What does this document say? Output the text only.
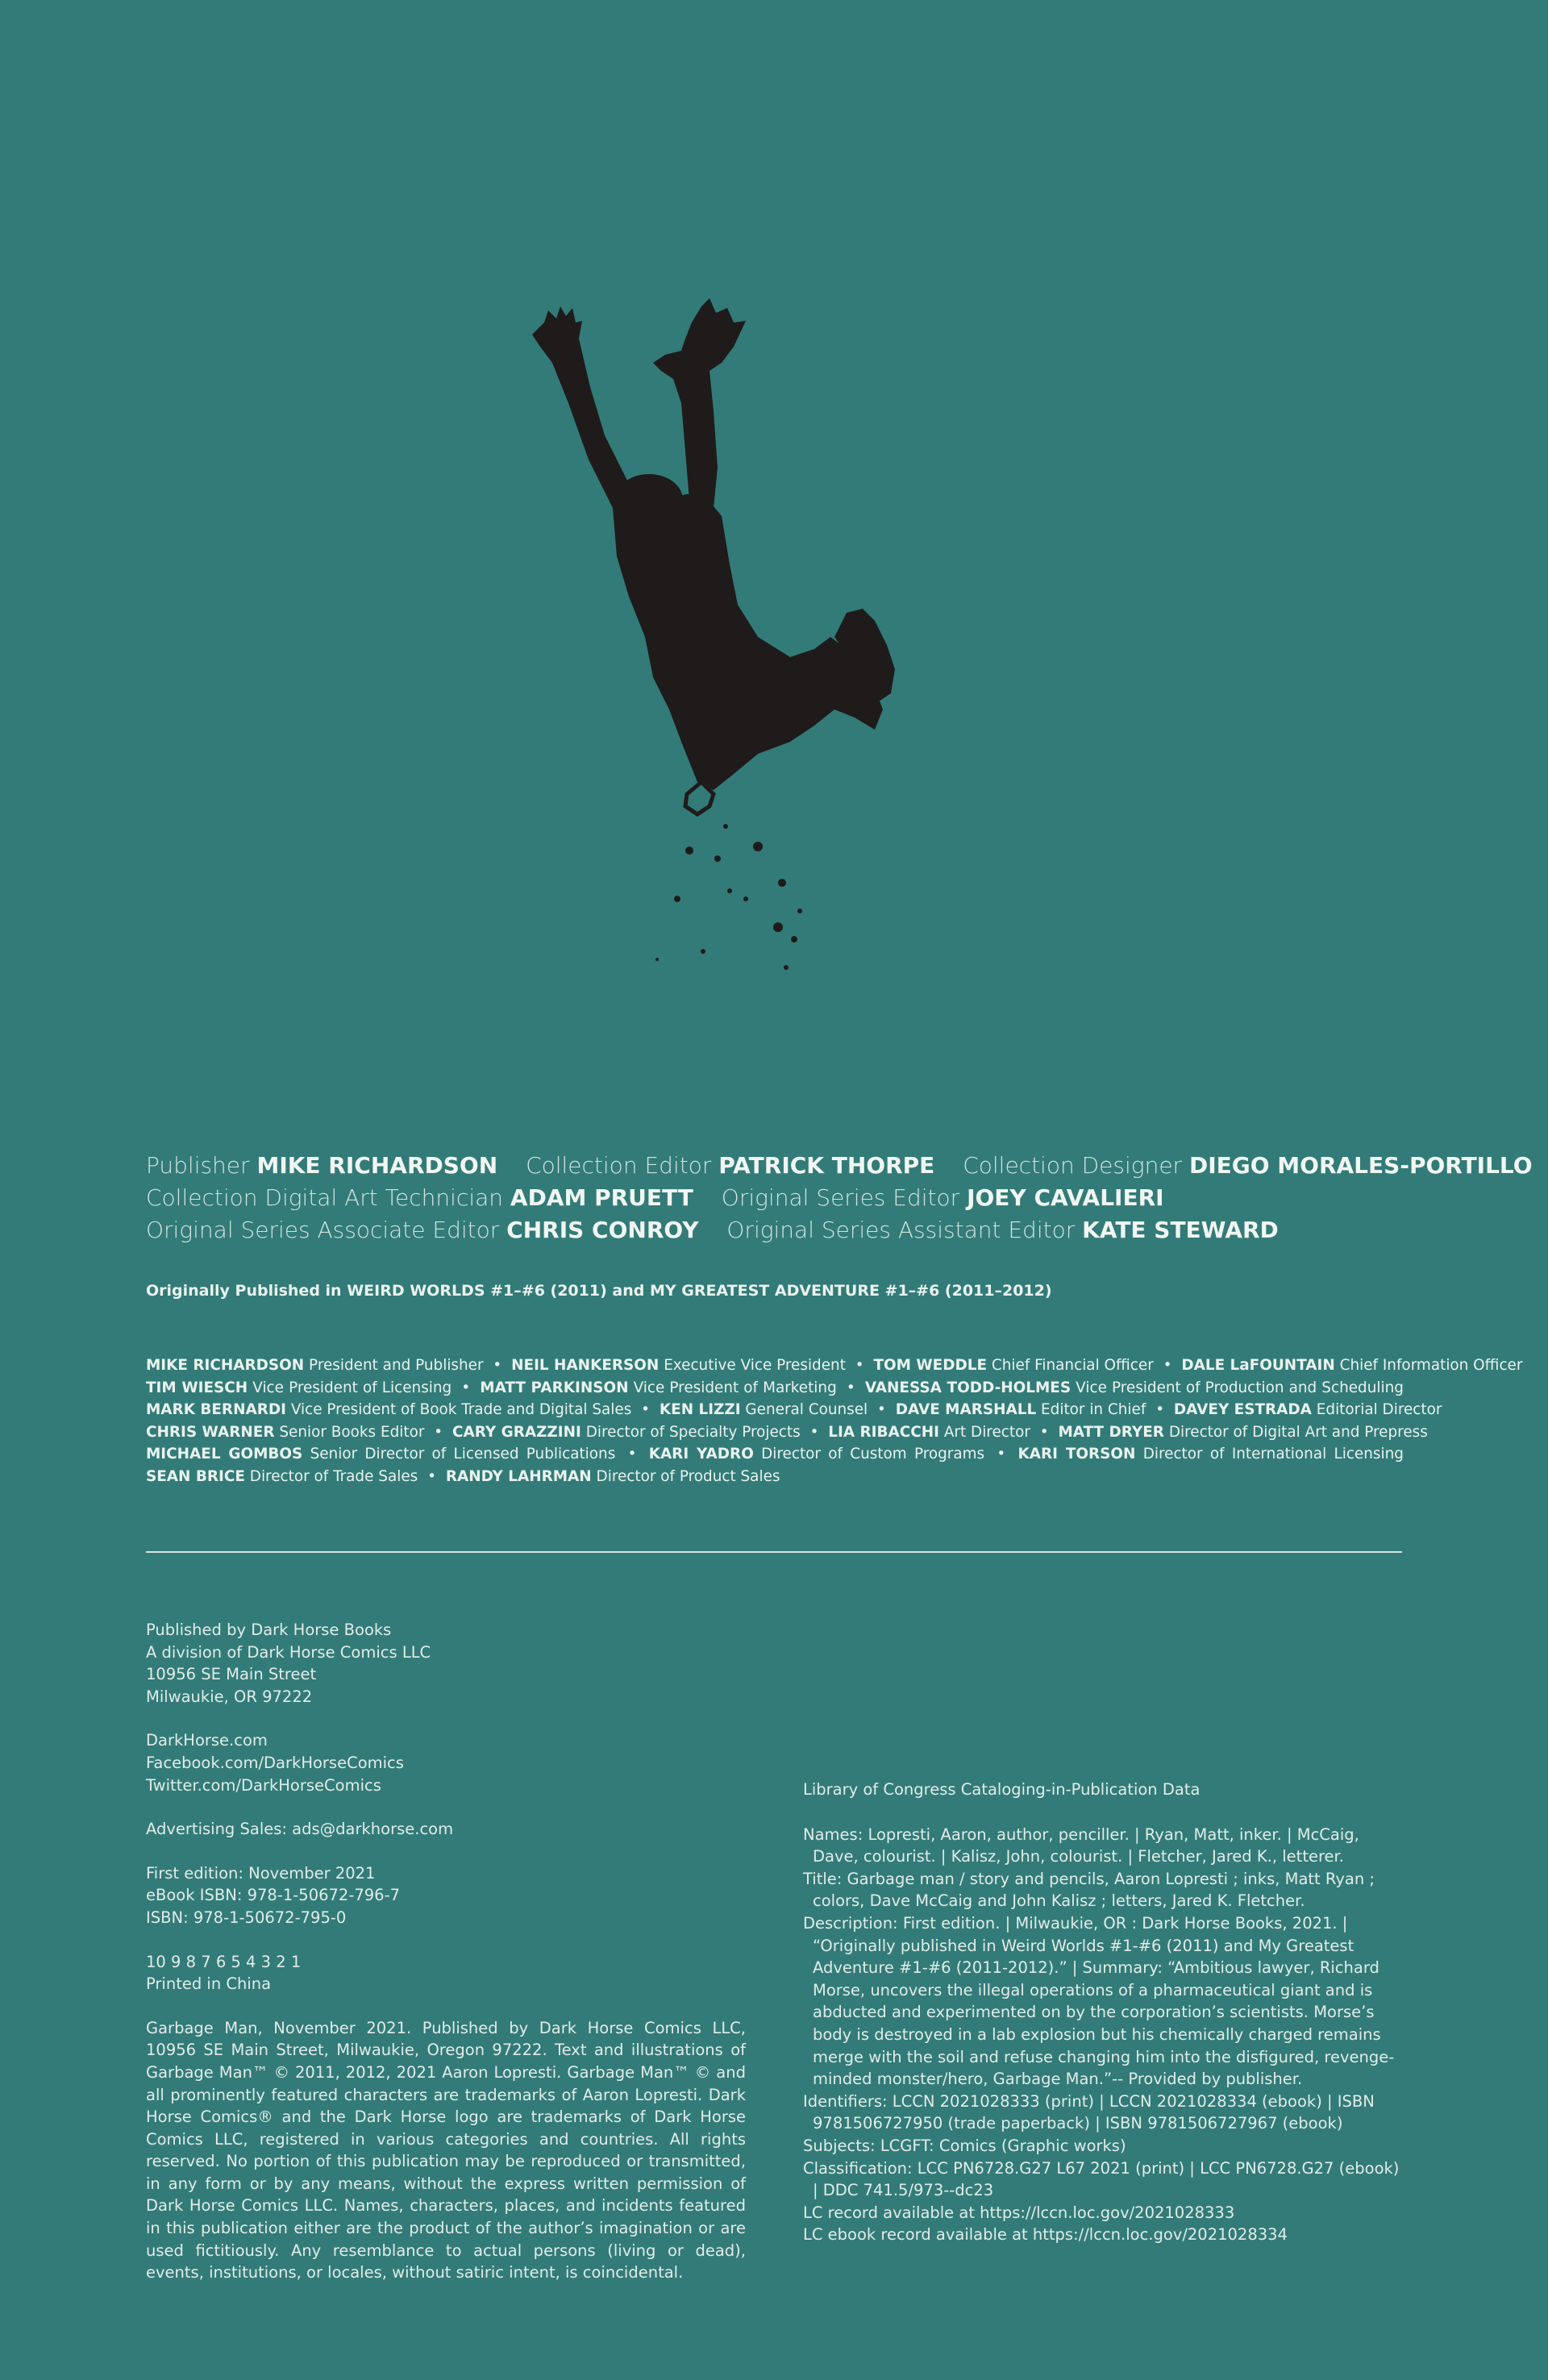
Publisher MIKE RICHARDSON Collection Editor PATRICK THORPE Collection Designer DIEGO MORALES-PORTILLO
Collection Digital Art Technician ADAM PRUETT Original Series Editor JOEY CAVALIERI
Original Series Associate Editor CHRIS CONROY Original Series Assistant Editor KATE STEWARD
Originally Published in WEIRD WORLDS #1–#6 (2011) and MY GREATEST ADVENTURE #1–#6 (2011–2012)
MIKE RICHARDSON President and Publisher • NEIL HANKERSON Executive Vice President • TOM WEDDLE Chief Financial Officer • DALE LaFOUNTAIN Chief Information Officer
TIM WIESCH Vice President of Licensing • MATT PARKINSON Vice President of Marketing • VANESSA TODD-HOLMES Vice President of Production and Scheduling
MARK BERNARDI Vice President of Book Trade and Digital Sales • KEN LIZZI General Counsel • DAVE MARSHALL Editor in Chief • DAVEY ESTRADA Editorial Director
CHRIS WARNER Senior Books Editor • CARY GRAZZINI Director of Specialty Projects • LIA RIBACCHI Art Director • MATT DRYER Director of Digital Art and Prepress
MICHAEL GOMBOS Senior Director of Licensed Publications • KARI YADRO Director of Custom Programs • KARI TORSON Director of International Licensing
SEAN BRICE Director of Trade Sales • RANDY LAHRMAN Director of Product Sales
Published by Dark Horse Books
A division of Dark Horse Comics LLC
10956 SE Main Street
Milwaukie, OR 97222
DarkHorse.com
Facebook.com/DarkHorseComics
Twitter.com/DarkHorseComics
Advertising Sales: ads@darkhorse.com
First edition: November 2021
eBook ISBN: 978-1-50672-796-7
ISBN: 978-1-50672-795-0
10 9 8 7 6 5 4 3 2 1
Printed in China
Garbage Man, November 2021. Published by Dark Horse Comics LLC, 10956 SE Main Street, Milwaukie, Oregon 97222. Text and illustrations of Garbage Man™ © 2011, 2012, 2021 Aaron Lopresti. Garbage Man™ © and all prominently featured characters are trademarks of Aaron Lopresti. Dark Horse Comics® and the Dark Horse logo are trademarks of Dark Horse Comics LLC, registered in various categories and countries. All rights reserved. No portion of this publication may be reproduced or transmitted, in any form or by any means, without the express written permission of Dark Horse Comics LLC. Names, characters, places, and incidents featured in this publication either are the product of the author’s imagination or are used fictitiously. Any resemblance to actual persons (living or dead), events, institutions, or locales, without satiric intent, is coincidental.
Library of Congress Cataloging-in-Publication Data
Names: Lopresti, Aaron, author, penciller. | Ryan, Matt, inker. | McCaig, Dave, colourist. | Kalisz, John, colourist. | Fletcher, Jared K., letterer.
Title: Garbage man / story and pencils, Aaron Lopresti ; inks, Matt Ryan ; colors, Dave McCaig and John Kalisz ; letters, Jared K. Fletcher.
Description: First edition. | Milwaukie, OR : Dark Horse Books, 2021. | “Originally published in Weird Worlds #1-#6 (2011) and My Greatest Adventure #1-#6 (2011-2012).” | Summary: “Ambitious lawyer, Richard Morse, uncovers the illegal operations of a pharmaceutical giant and is abducted and experimented on by the corporation’s scientists. Morse’s body is destroyed in a lab explosion but his chemically charged remains merge with the soil and refuse changing him into the disfigured, revenge-minded monster/hero, Garbage Man.”-- Provided by publisher.
Identifiers: LCCN 2021028333 (print) | LCCN 2021028334 (ebook) | ISBN 9781506727950 (trade paperback) | ISBN 9781506727967 (ebook)
Subjects: LCGFT: Comics (Graphic works)
Classification: LCC PN6728.G27 L67 2021 (print) | LCC PN6728.G27 (ebook) | DDC 741.5/973--dc23
LC record available at https://lccn.loc.gov/2021028333
LC ebook record available at https://lccn.loc.gov/2021028334
